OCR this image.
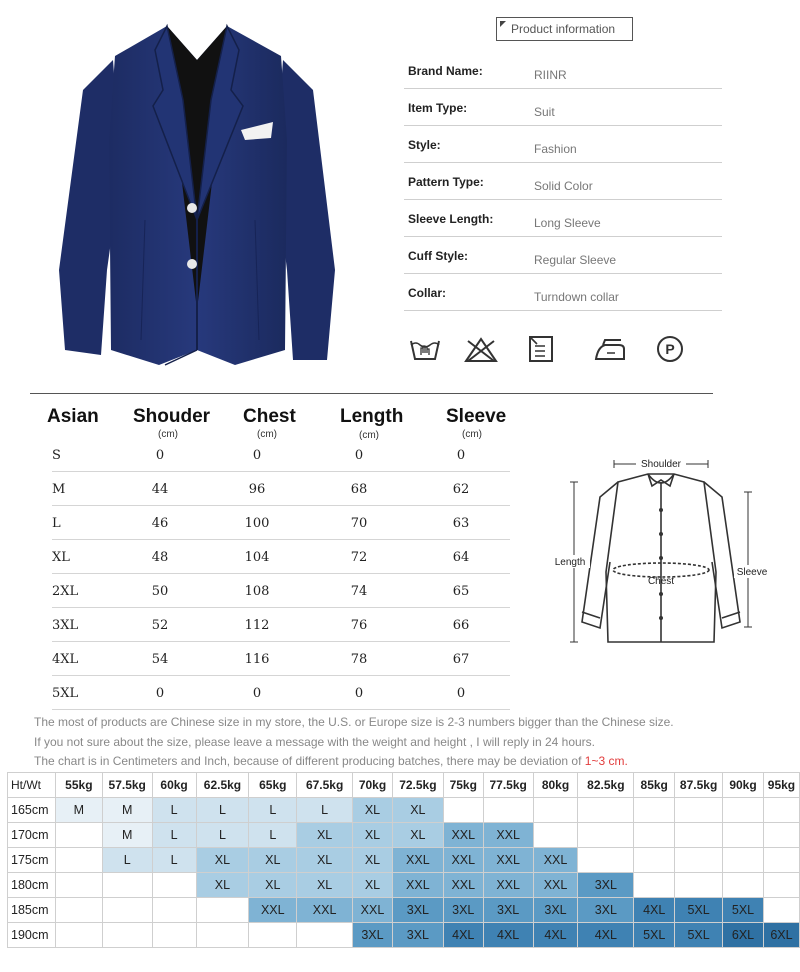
Product information
Brand Name:	RIINR
Item Type:	Suit
Style:	Fashion
Pattern Type:	Solid Color
Sleeve Length:	Long Sleeve
Cuff Style:	Regular Sleeve
Collar:	Turndown collar
P
Asian Shouder Chest Length Sleeve
(cm)	(cm)	(cm)	(cm)
S	0	0	0	0
M	44	96	68	62
L	46	100	70	63
XL	48	104	72	64
2XL	50	108	74	65
3XL	52	112	76	66
4XL	54	116	78	67
5XL	0	0	0	0
Shoulder
Length
Chest
Sleeve
The most of products are Chinese size in my store, the U.S. or Europe size is 2-3 numbers bigger than the Chinese size.
If you not sure about the size, please leave a message with the weight and height , I will reply in 24 hours.
The chart is in Centimeters and Inch, because of different producing batches, there may be deviation of 1~3 cm.
Ht/Wt	55kg	57.5kg	60kg	62.5kg	65kg	67.5kg	70kg	72.5kg	75kg	77.5kg	80kg	82.5kg	85kg	87.5kg	90kg	95kg
165cm	M	M	L	L	L	L	XL	XL								
170cm		M	L	L	L	XL	XL	XL	XXL	XXL						
175cm		L	L	XL	XL	XL	XL	XXL	XXL	XXL	XXL					
180cm				XL	XL	XL	XL	XXL	XXL	XXL	XXL	3XL				
185cm					XXL	XXL	XXL	3XL	3XL	3XL	3XL	3XL	4XL	5XL	5XL	
190cm							3XL	3XL	4XL	4XL	4XL	4XL	5XL	5XL	6XL	6XL
